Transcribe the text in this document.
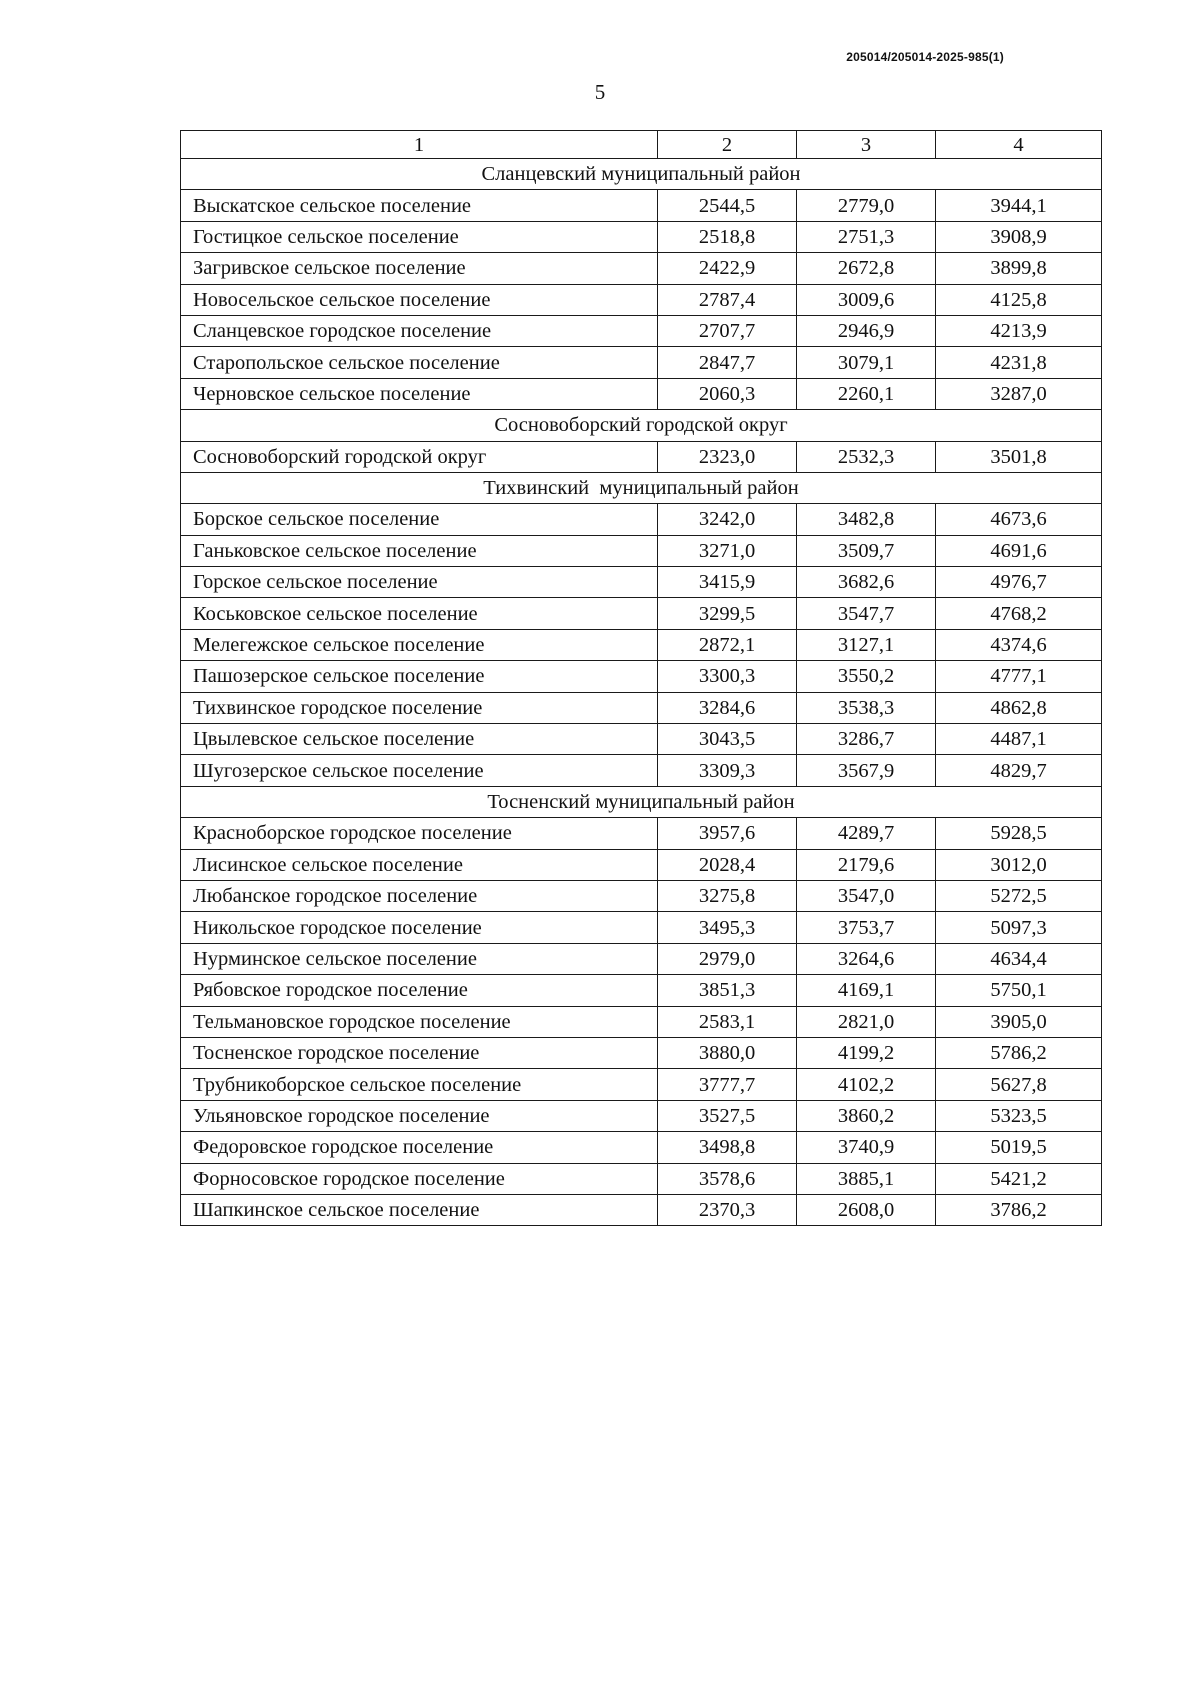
205014/205014-2025-985(1)
5
1	2	3	4
Сланцевский муниципальный район			
Выскатское сельское поселение	2544,5	2779,0	3944,1
Гостицкое сельское поселение	2518,8	2751,3	3908,9
Загривское сельское поселение	2422,9	2672,8	3899,8
Новосельское сельское поселение	2787,4	3009,6	4125,8
Сланцевское городское поселение	2707,7	2946,9	4213,9
Старопольское сельское поселение	2847,7	3079,1	4231,8
Черновское сельское поселение	2060,3	2260,1	3287,0
Сосновоборский городской округ			
Сосновоборский городской округ	2323,0	2532,3	3501,8
Тихвинский  муниципальный район			
Борское сельское поселение	3242,0	3482,8	4673,6
Ганьковское сельское поселение	3271,0	3509,7	4691,6
Горское сельское поселение	3415,9	3682,6	4976,7
Коськовское сельское поселение	3299,5	3547,7	4768,2
Мелегежское сельское поселение	2872,1	3127,1	4374,6
Пашозерское сельское поселение	3300,3	3550,2	4777,1
Тихвинское городское поселение	3284,6	3538,3	4862,8
Цвылевское сельское поселение	3043,5	3286,7	4487,1
Шугозерское сельское поселение	3309,3	3567,9	4829,7
Тосненский муниципальный район			
Красноборское городское поселение	3957,6	4289,7	5928,5
Лисинское сельское поселение	2028,4	2179,6	3012,0
Любанское городское поселение	3275,8	3547,0	5272,5
Никольское городское поселение	3495,3	3753,7	5097,3
Нурминское сельское поселение	2979,0	3264,6	4634,4
Рябовское городское поселение	3851,3	4169,1	5750,1
Тельмановское городское поселение	2583,1	2821,0	3905,0
Тосненское городское поселение	3880,0	4199,2	5786,2
Трубникоборское сельское поселение	3777,7	4102,2	5627,8
Ульяновское городское поселение	3527,5	3860,2	5323,5
Федоровское городское поселение	3498,8	3740,9	5019,5
Форносовское городское поселение	3578,6	3885,1	5421,2
Шапкинское сельское поселение	2370,3	2608,0	3786,2
